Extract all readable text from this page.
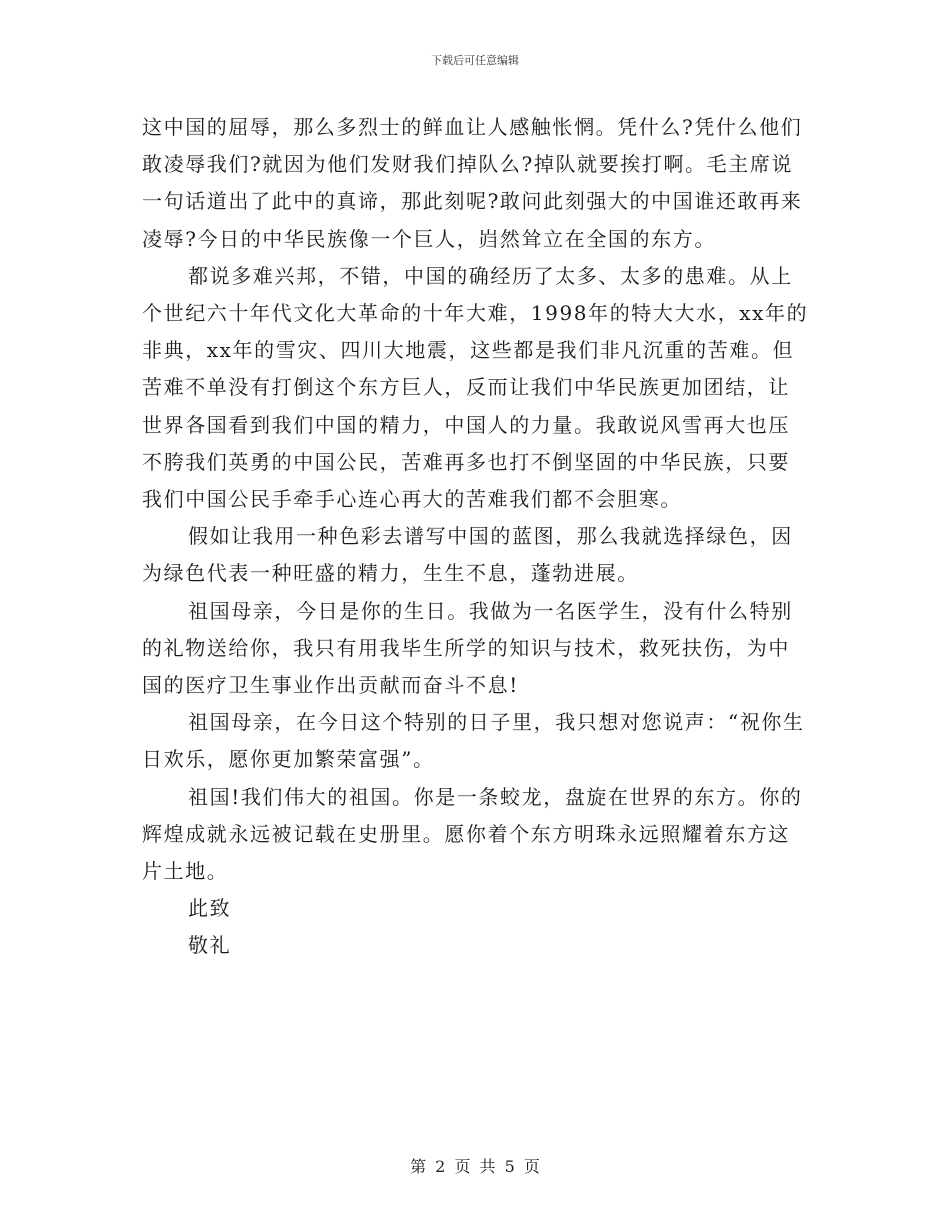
下载后可任意编辑

这中国的屈辱，那么多烈士的鲜血让人感触怅惘。凭什么?凭什么他们敢凌辱我们?就因为他们发财我们掉队么?掉队就要挨打啊。毛主席说一句话道出了此中的真谛，那此刻呢?敢问此刻强大的中国谁还敢再来凌辱?今日的中华民族像一个巨人，岿然耸立在全国的东方。

都说多难兴邦，不错，中国的确经历了太多、太多的患难。从上个世纪六十年代文化大革命的十年大难，1998年的特大大水，xx年的非典，xx年的雪灾、四川大地震，这些都是我们非凡沉重的苦难。但苦难不单没有打倒这个东方巨人，反而让我们中华民族更加团结，让世界各国看到我们中国的精力，中国人的力量。我敢说风雪再大也压不胯我们英勇的中国公民，苦难再多也打不倒坚固的中华民族，只要我们中国公民手牵手心连心再大的苦难我们都不会胆寒。

假如让我用一种色彩去谱写中国的蓝图，那么我就选择绿色，因为绿色代表一种旺盛的精力，生生不息，蓬勃进展。

祖国母亲，今日是你的生日。我做为一名医学生，没有什么特别的礼物送给你，我只有用我毕生所学的知识与技术，救死扶伤，为中国的医疗卫生事业作出贡献而奋斗不息!

祖国母亲，在今日这个特别的日子里，我只想对您说声：“祝你生日欢乐，愿你更加繁荣富强”。

祖国!我们伟大的祖国。你是一条蛟龙，盘旋在世界的东方。你的辉煌成就永远被记载在史册里。愿你着个东方明珠永远照耀着东方这片土地。

此致
敬礼
第 2 页 共 5 页
